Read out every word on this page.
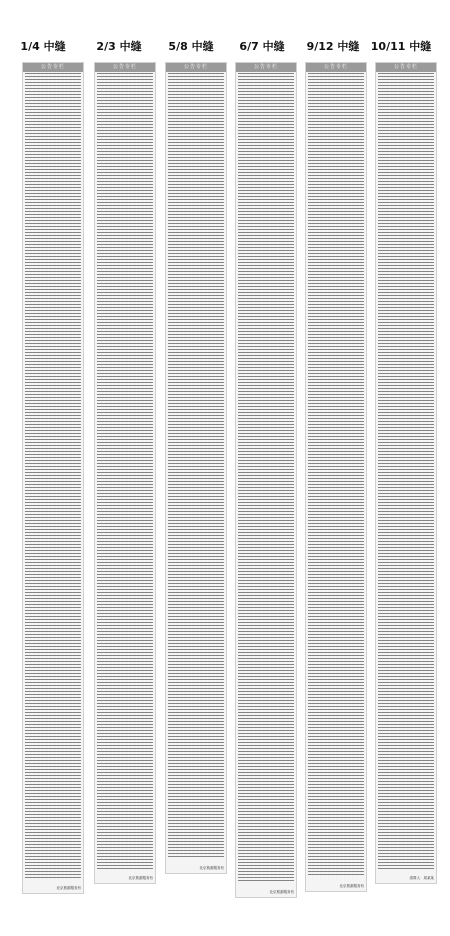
1/4 中缝	2/3 中缝	5/8 中缝	6/7 中缝	9/12 中缝	10/11 中缝
公告专栏
北京旅游服务有
公告专栏
北京旅游服务有
公告专栏
北京旅游服务有
公告专栏
北京旅游服务有
公告专栏
北京旅游服务有
公告专栏
清算人：周某某
